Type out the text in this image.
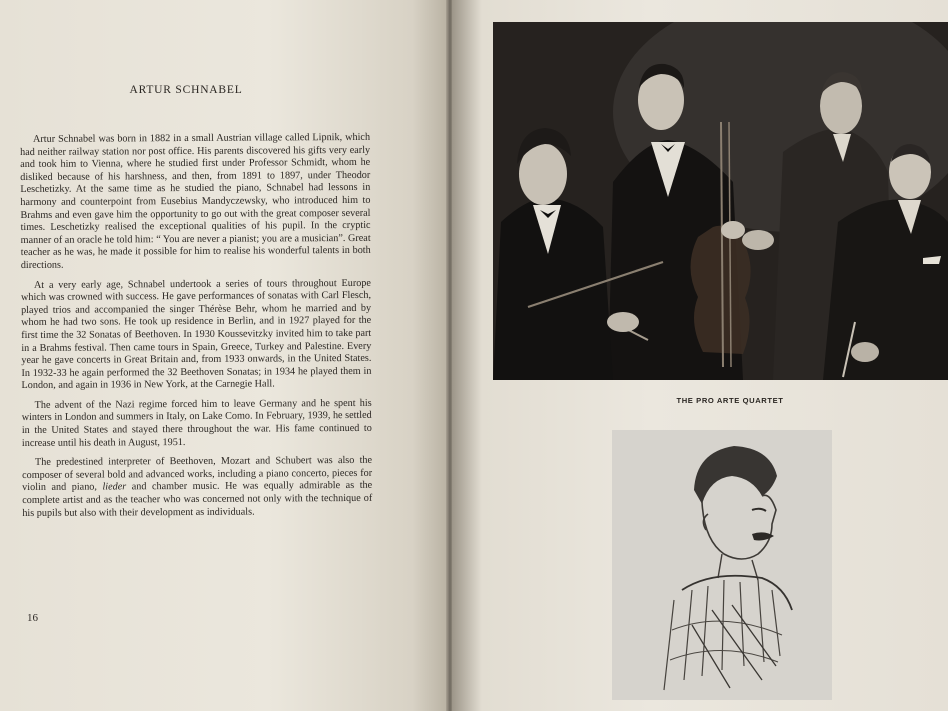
ARTUR SCHNABEL

Artur Schnabel was born in 1882 in a small Austrian village called Lipnik, which had neither railway station nor post office. His parents discovered his gifts very early and took him to Vienna, where he studied first under Professor Schmidt, whom he disliked because of his harshness, and then, from 1891 to 1897, under Theodor Leschetizky. At the same time as he studied the piano, Schnabel had lessons in harmony and counterpoint from Eusebius Mandyczewsky, who introduced him to Brahms and even gave him the opportunity to go out with the great composer several times. Leschetizky realised the exceptional qualities of his pupil. In the cryptic manner of an oracle he told him: “ You are never a pianist; you are a musician”. Great teacher as he was, he made it possible for him to realise his wonderful talents in both directions.

At a very early age, Schnabel undertook a series of tours throughout Europe which was crowned with success. He gave performances of sonatas with Carl Flesch, played trios and accompanied the singer Thérèse Behr, whom he married and by whom he had two sons. He took up residence in Berlin, and in 1927 played for the first time the 32 Sonatas of Beethoven. In 1930 Koussevitzky invited him to take part in a Brahms festival. Then came tours in Spain, Greece, Turkey and Palestine. Every year he gave concerts in Great Britain and, from 1933 onwards, in the United States. In 1932-33 he again performed the 32 Beethoven Sonatas; in 1934 he played them in London, and again in 1936 in New York, at the Carnegie Hall.

The advent of the Nazi regime forced him to leave Germany and he spent his winters in London and summers in Italy, on Lake Como. In February, 1939, he settled in the United States and stayed there throughout the war. His fame continued to increase until his death in August, 1951.

The predestined interpreter of Beethoven, Mozart and Schubert was also the composer of several bold and advanced works, including a piano concerto, pieces for violin and piano, lieder and chamber music. He was equally admirable as the complete artist and as the teacher who was concerned not only with the technique of his pupils but also with their development as individuals.

16
THE PRO ARTE QUARTET
